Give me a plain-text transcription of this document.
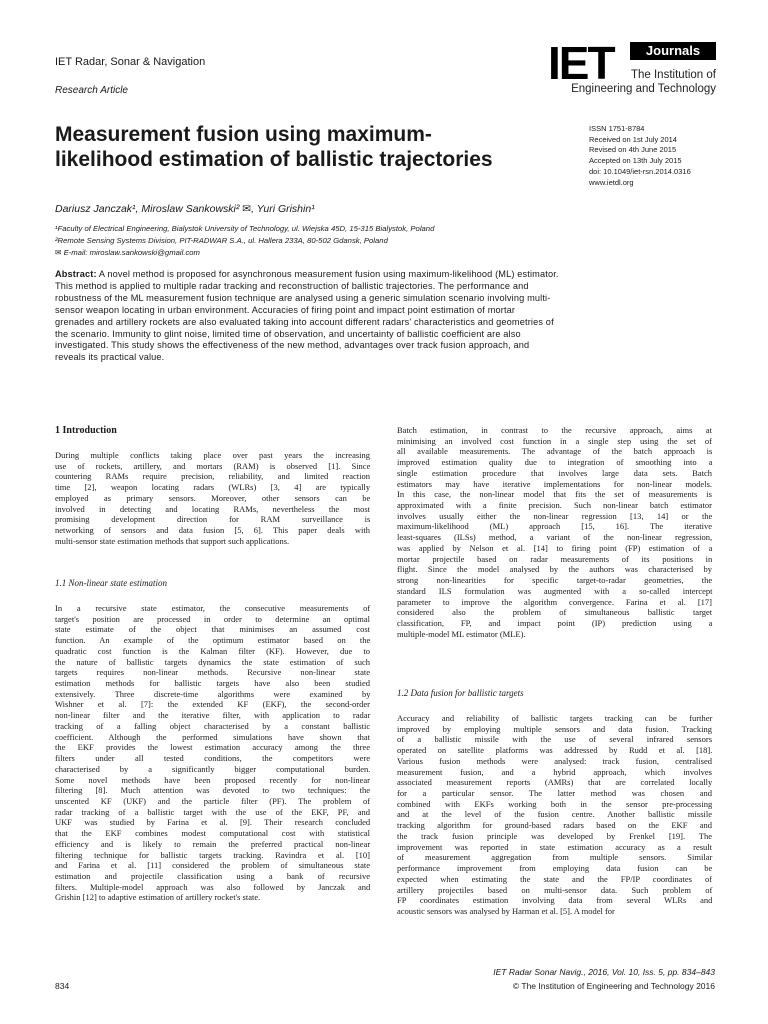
IET Radar, Sonar & Navigation
Research Article
IET	Journals
The Institution of
Engineering and Technology
Measurement fusion using maximum-
likelihood estimation of ballistic trajectories
ISSN 1751-8784
Received on 1st July 2014
Revised on 4th June 2015
Accepted on 13th July 2015
doi: 10.1049/iet-rsn.2014.0316
www.ietdl.org
Dariusz Janczak¹, Miroslaw Sankowski² ✉, Yuri Grishin¹
¹Faculty of Electrical Engineering, Bialystok University of Technology, ul. Wiejska 45D, 15-315 Bialystok, Poland
²Remote Sensing Systems Division, PIT-RADWAR S.A., ul. Hallera 233A, 80-502 Gdansk, Poland
✉ E-mail: miroslaw.sankowski@gmail.com
Abstract: A novel method is proposed for asynchronous measurement fusion using maximum-likelihood (ML) estimator.
This method is applied to multiple radar tracking and reconstruction of ballistic trajectories. The performance and
robustness of the ML measurement fusion technique are analysed using a generic simulation scenario involving multi-
sensor weapon locating in urban environment. Accuracies of firing point and impact point estimation of mortar
grenades and artillery rockets are also evaluated taking into account different radars' characteristics and geometries of
the scenario. Immunity to glint noise, limited time of observation, and uncertainty of ballistic coefficient are also
investigated. This study shows the effectiveness of the new method, advantages over track fusion approach, and
reveals its practical value.
1 Introduction
During multiple conflicts taking place over past years the increasing
use of rockets, artillery, and mortars (RAM) is observed [1]. Since
countering RAMs require precision, reliability, and limited reaction
time [2], weapon locating radars (WLRs) [3, 4] are typically
employed as primary sensors. Moreover, other sensors can be
involved in detecting and locating RAMs, nevertheless the most
promising development direction for RAM surveillance is
networking of sensors and data fusion [5, 6]. This paper deals with
multi-sensor state estimation methods that support such applications.
1.1 Non-linear state estimation
In a recursive state estimator, the consecutive measurements of
target's position are processed in order to determine an optimal
state estimate of the object that minimises an assumed cost
function. An example of the optimum estimator based on the
quadratic cost function is the Kalman filter (KF). However, due to
the nature of ballistic targets dynamics the state estimation of such
targets requires non-linear methods. Recursive non-linear state
estimation methods for ballistic targets have also been studied
extensively. Three discrete-time algorithms were examined by
Wishner et al. [7]: the extended KF (EKF), the second-order
non-linear filter and the iterative filter, with application to radar
tracking of a falling object characterised by a constant ballistic
coefficient. Although the performed simulations have shown that
the EKF provides the lowest estimation accuracy among the three
filters under all tested conditions, the competitors were
characterised by a significantly bigger computational burden.
Some novel methods have been proposed recently for non-linear
filtering [8]. Much attention was devoted to two techniques: the
unscented KF (UKF) and the particle filter (PF). The problem of
radar tracking of a ballistic target with the use of the EKF, PF, and
UKF was studied by Farina et al. [9]. Their research concluded
that the EKF combines modest computational cost with statistical
efficiency and is likely to remain the preferred practical non-linear
filtering technique for ballistic targets tracking. Ravindra et al. [10]
and Farina et al. [11] considered the problem of simultaneous state
estimation and projectile classification using a bank of recursive
filters. Multiple-model approach was also followed by Janczak and
Grishin [12] to adaptive estimation of artillery rocket's state.
Batch estimation, in contrast to the recursive approach, aims at
minimising an involved cost function in a single step using the set of
all available measurements. The advantage of the batch approach is
improved estimation quality due to integration of smoothing into a
single estimation procedure that involves large data sets. Batch
estimators may have iterative implementations for non-linear models.
In this case, the non-linear model that fits the set of measurements is
approximated with a finite precision. Such non-linear batch estimator
involves usually either the non-linear regression [13, 14] or the
maximum-likelihood (ML) approach [15, 16]. The iterative
least-squares (ILSs) method, a variant of the non-linear regression,
was applied by Nelson et al. [14] to firing point (FP) estimation of a
mortar projectile based on radar measurements of its positions in
flight. Since the model analysed by the authors was characterised by
strong non-linearities for specific target-to-radar geometries, the
standard ILS formulation was augmented with a so-called intercept
parameter to improve the algorithm convergence. Farina et al. [17]
considered also the problem of simultaneous ballistic target
classification, FP, and impact point (IP) prediction using a
multiple-model ML estimator (MLE).
1.2 Data fusion for ballistic targets
Accuracy and reliability of ballistic targets tracking can be further
improved by employing multiple sensors and data fusion. Tracking
of a ballistic missile with the use of several infrared sensors
operated on satellite platforms was addressed by Rudd et al. [18].
Various fusion methods were analysed: track fusion, centralised
measurement fusion, and a hybrid approach, which involves
associated measurement reports (AMRs) that are correlated locally
for a particular sensor. The latter method was chosen and
combined with EKFs working both in the sensor pre-processing
and at the level of the fusion centre. Another ballistic missile
tracking algorithm for ground-based radars based on the EKF and
the track fusion principle was developed by Frenkel [19]. The
improvement was reported in state estimation accuracy as a result
of measurement aggregation from multiple sensors. Similar
performance improvement from employing data fusion can be
expected when estimating the state and the FP/IP coordinates of
artillery projectiles based on multi-sensor data. Such problem of
FP coordinates estimation involving data from several WLRs and
acoustic sensors was analysed by Harman et al. [5]. A model for
IET Radar Sonar Navig., 2016, Vol. 10, Iss. 5, pp. 834–843
© The Institution of Engineering and Technology 2016
834
